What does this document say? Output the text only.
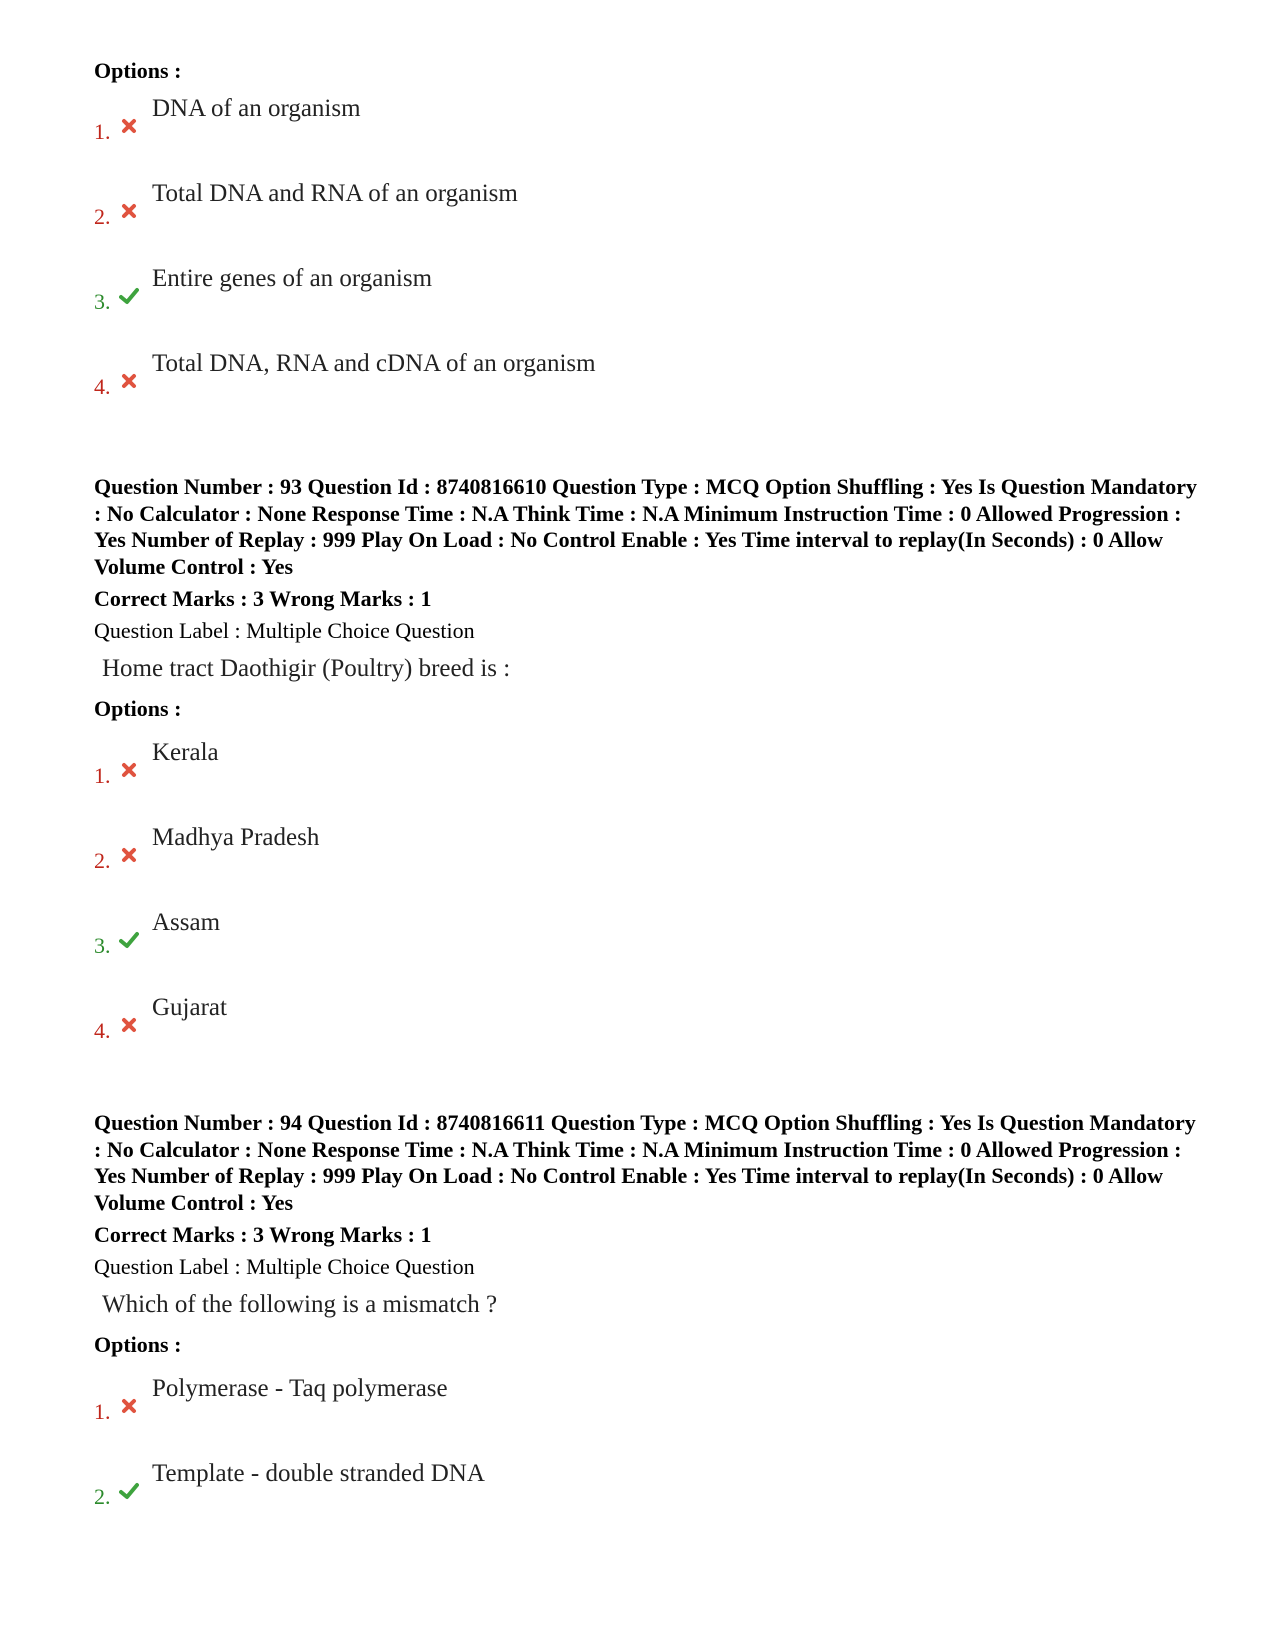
Options :

1.
DNA of an organism
2.
Total DNA and RNA of an organism
3.
Entire genes of an organism
4.
Total DNA, RNA and cDNA of an organism

Question Number : 93 Question Id : 8740816610 Question Type : MCQ Option Shuffling : Yes Is Question Mandatory : No Calculator : None Response Time : N.A Think Time : N.A Minimum Instruction Time : 0 Allowed Progression : Yes Number of Replay : 999 Play On Load : No Control Enable : Yes Time interval to replay(In Seconds) : 0 Allow Volume Control : Yes

Correct Marks : 3 Wrong Marks : 1

Question Label : Multiple Choice Question

Home tract Daothigir (Poultry) breed is :

Options :

1.
Kerala
2.
Madhya Pradesh
3.
Assam
4.
Gujarat

Question Number : 94 Question Id : 8740816611 Question Type : MCQ Option Shuffling : Yes Is Question Mandatory : No Calculator : None Response Time : N.A Think Time : N.A Minimum Instruction Time : 0 Allowed Progression : Yes Number of Replay : 999 Play On Load : No Control Enable : Yes Time interval to replay(In Seconds) : 0 Allow Volume Control : Yes

Correct Marks : 3 Wrong Marks : 1

Question Label : Multiple Choice Question

Which of the following is a mismatch ?

Options :

1.
Polymerase - Taq polymerase
2.
Template - double stranded DNA
